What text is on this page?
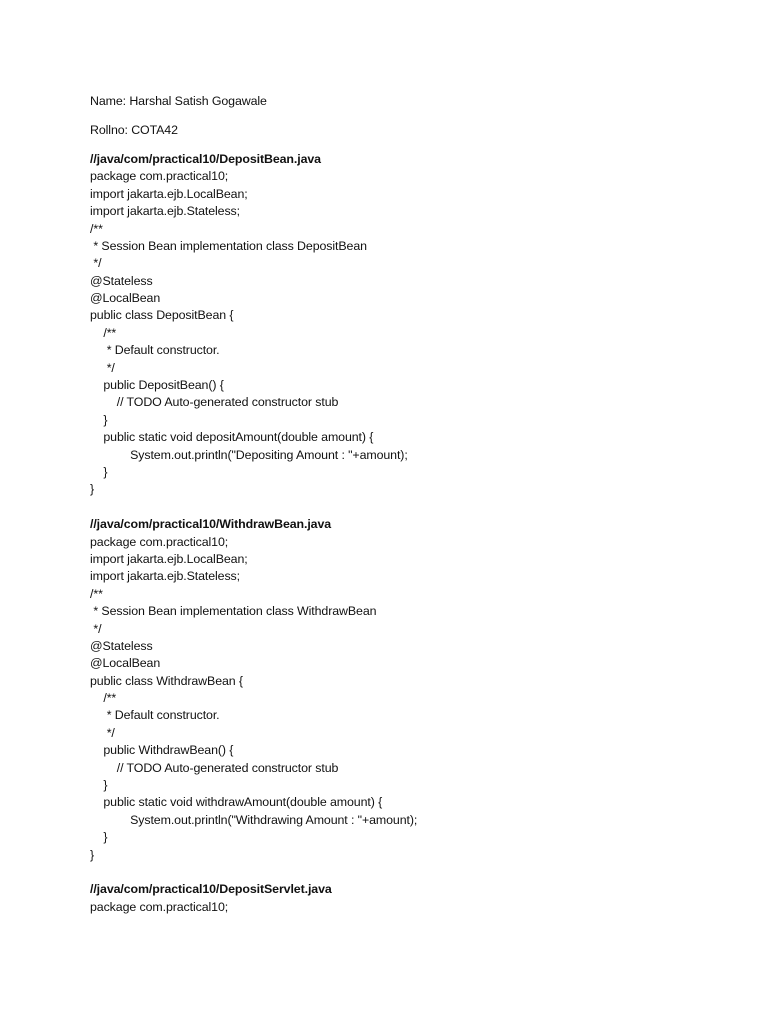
Name: Harshal Satish Gogawale
Rollno: COTA42
//java/com/practical10/DepositBean.java
package com.practical10;
import jakarta.ejb.LocalBean;
import jakarta.ejb.Stateless;
/**
* Session Bean implementation class DepositBean
*/
@Stateless
@LocalBean
public class DepositBean {
/**
* Default constructor.
*/
public DepositBean() {
// TODO Auto-generated constructor stub
}
public static void depositAmount(double amount) {
System.out.println("Depositing Amount : "+amount);
}
}
//java/com/practical10/WithdrawBean.java
package com.practical10;
import jakarta.ejb.LocalBean;
import jakarta.ejb.Stateless;
/**
* Session Bean implementation class WithdrawBean
*/
@Stateless
@LocalBean
public class WithdrawBean {
/**
* Default constructor.
*/
public WithdrawBean() {
// TODO Auto-generated constructor stub
}
public static void withdrawAmount(double amount) {
System.out.println("Withdrawing Amount : "+amount);
}
}
//java/com/practical10/DepositServlet.java
package com.practical10;
